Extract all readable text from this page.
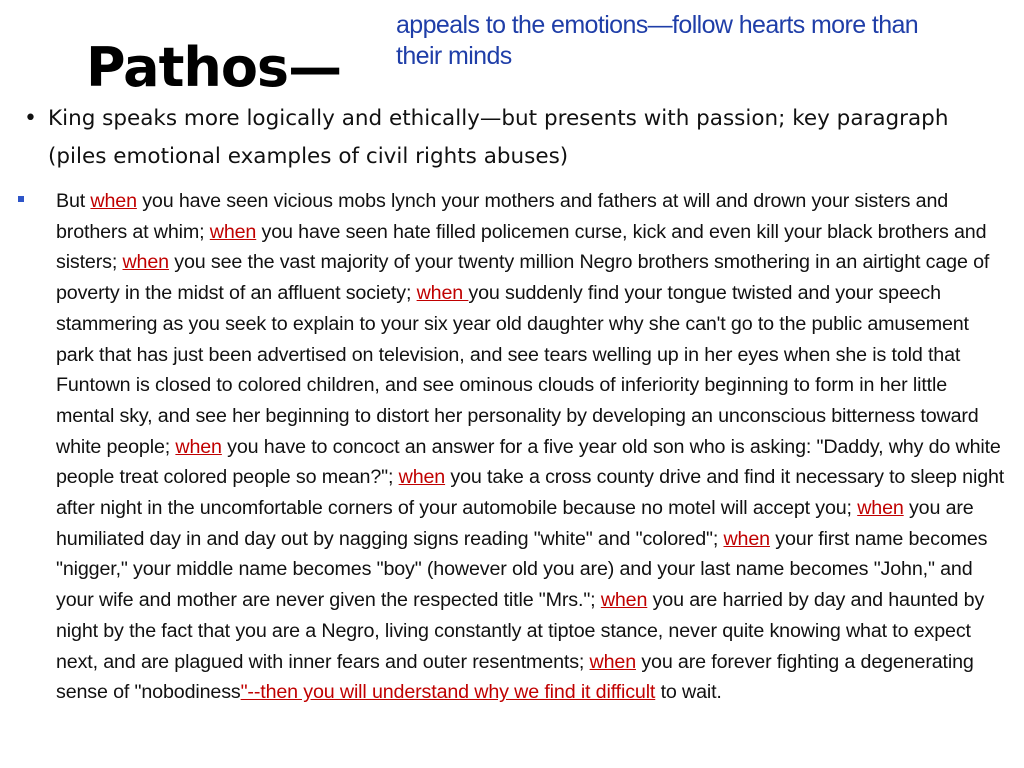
Pathos—
appeals to the emotions—follow hearts more than their minds
• King speaks more logically and ethically—but presents with passion; key paragraph (piles emotional examples of civil rights abuses)
But when you have seen vicious mobs lynch your mothers and fathers at will and drown your sisters and brothers at whim; when you have seen hate filled policemen curse, kick and even kill your black brothers and sisters; when you see the vast majority of your twenty million Negro brothers smothering in an airtight cage of poverty in the midst of an affluent society; when you suddenly find your tongue twisted and your speech stammering as you seek to explain to your six year old daughter why she can't go to the public amusement park that has just been advertised on television, and see tears welling up in her eyes when she is told that Funtown is closed to colored children, and see ominous clouds of inferiority beginning to form in her little mental sky, and see her beginning to distort her personality by developing an unconscious bitterness toward white people; when you have to concoct an answer for a five year old son who is asking: "Daddy, why do white people treat colored people so mean?"; when you take a cross county drive and find it necessary to sleep night after night in the uncomfortable corners of your automobile because no motel will accept you; when you are humiliated day in and day out by nagging signs reading "white" and "colored"; when your first name becomes "nigger," your middle name becomes "boy" (however old you are) and your last name becomes "John," and your wife and mother are never given the respected title "Mrs."; when you are harried by day and haunted by night by the fact that you are a Negro, living constantly at tiptoe stance, never quite knowing what to expect next, and are plagued with inner fears and outer resentments; when you are forever fighting a degenerating sense of "nobodiness"--then you will understand why we find it difficult to wait.
